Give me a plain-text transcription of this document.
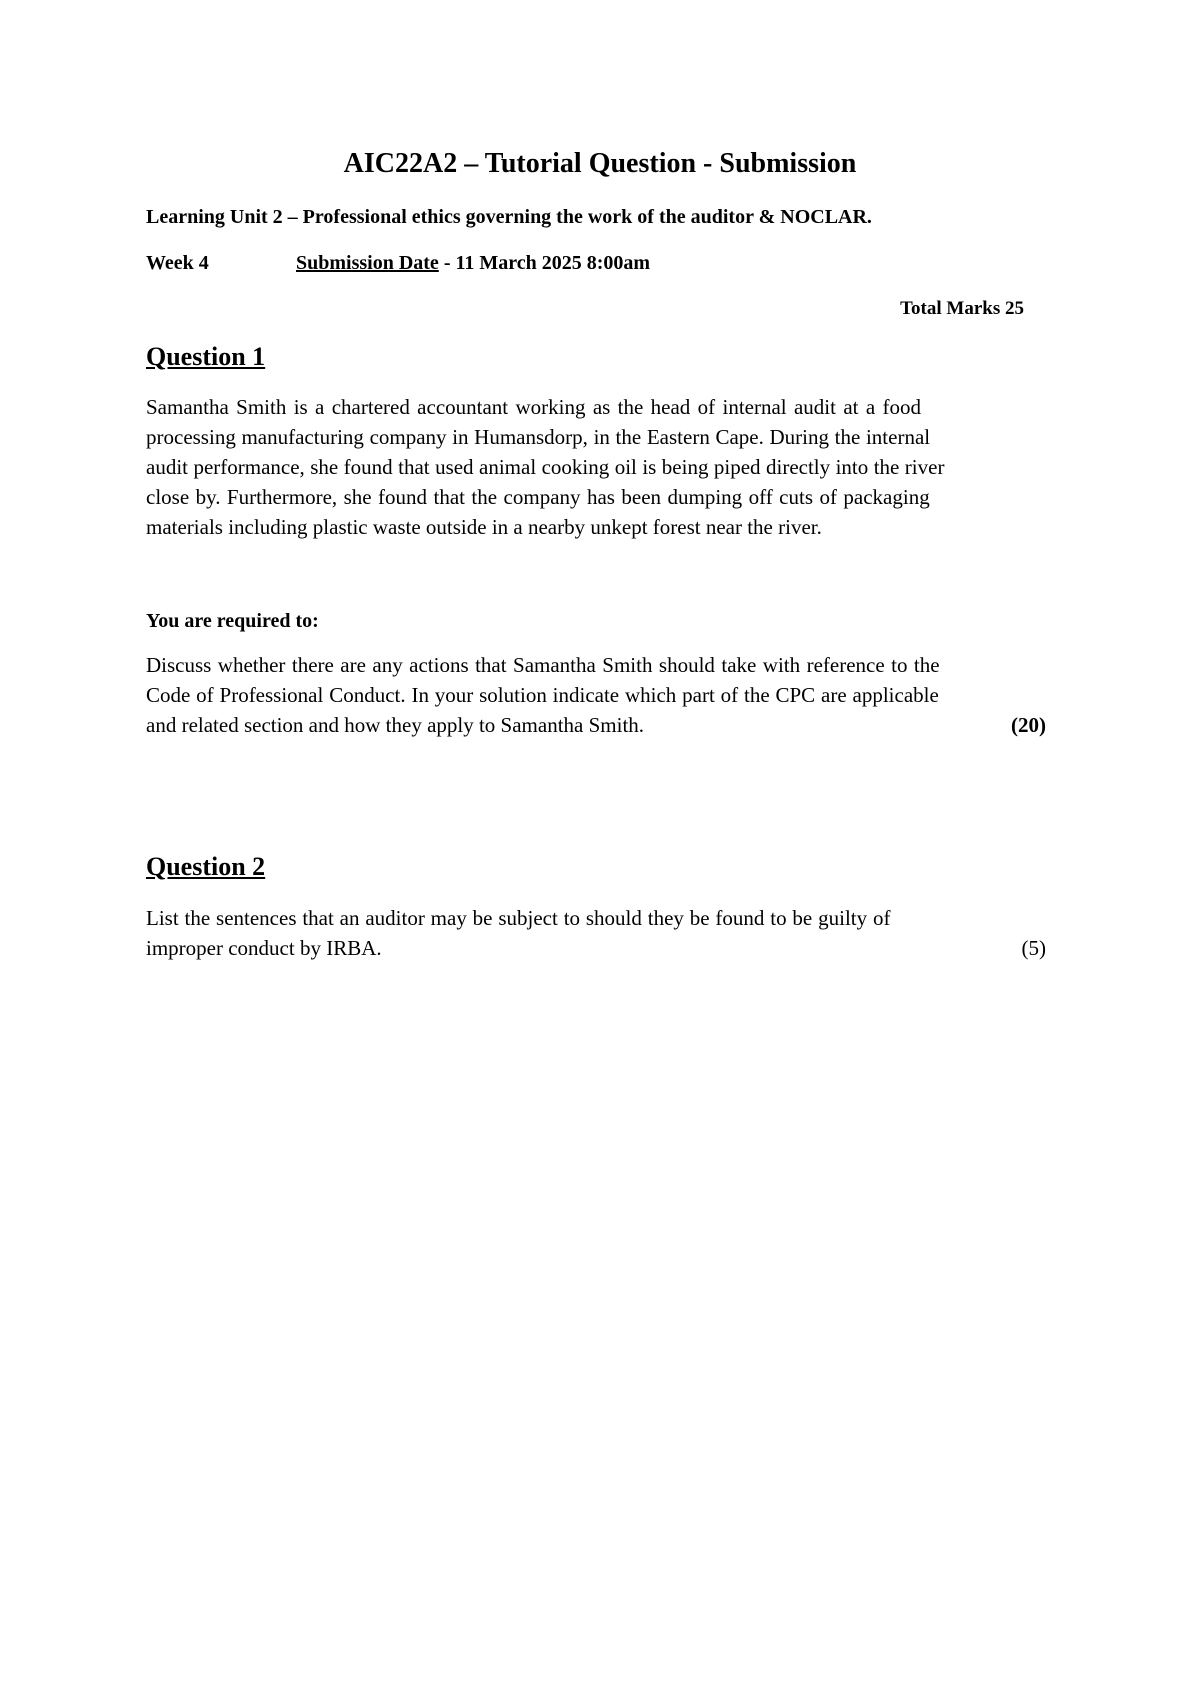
AIC22A2 – Tutorial Question - Submission
Learning Unit 2 – Professional ethics governing the work of the auditor & NOCLAR.
Week 4	Submission Date - 11 March 2025 8:00am
Total Marks 25
Question 1
Samantha Smith is a chartered accountant working as the head of internal audit at a food
processing manufacturing company in Humansdorp, in the Eastern Cape. During the internal
audit performance, she found that used animal cooking oil is being piped directly into the river
close by. Furthermore, she found that the company has been dumping off cuts of packaging
materials including plastic waste outside in a nearby unkept forest near the river.
You are required to:
Discuss whether there are any actions that Samantha Smith should take with reference to the
Code of Professional Conduct. In your solution indicate which part of the CPC are applicable
and related section and how they apply to Samantha Smith.	(20)
Question 2
List the sentences that an auditor may be subject to should they be found to be guilty of
improper conduct by IRBA.	(5)
